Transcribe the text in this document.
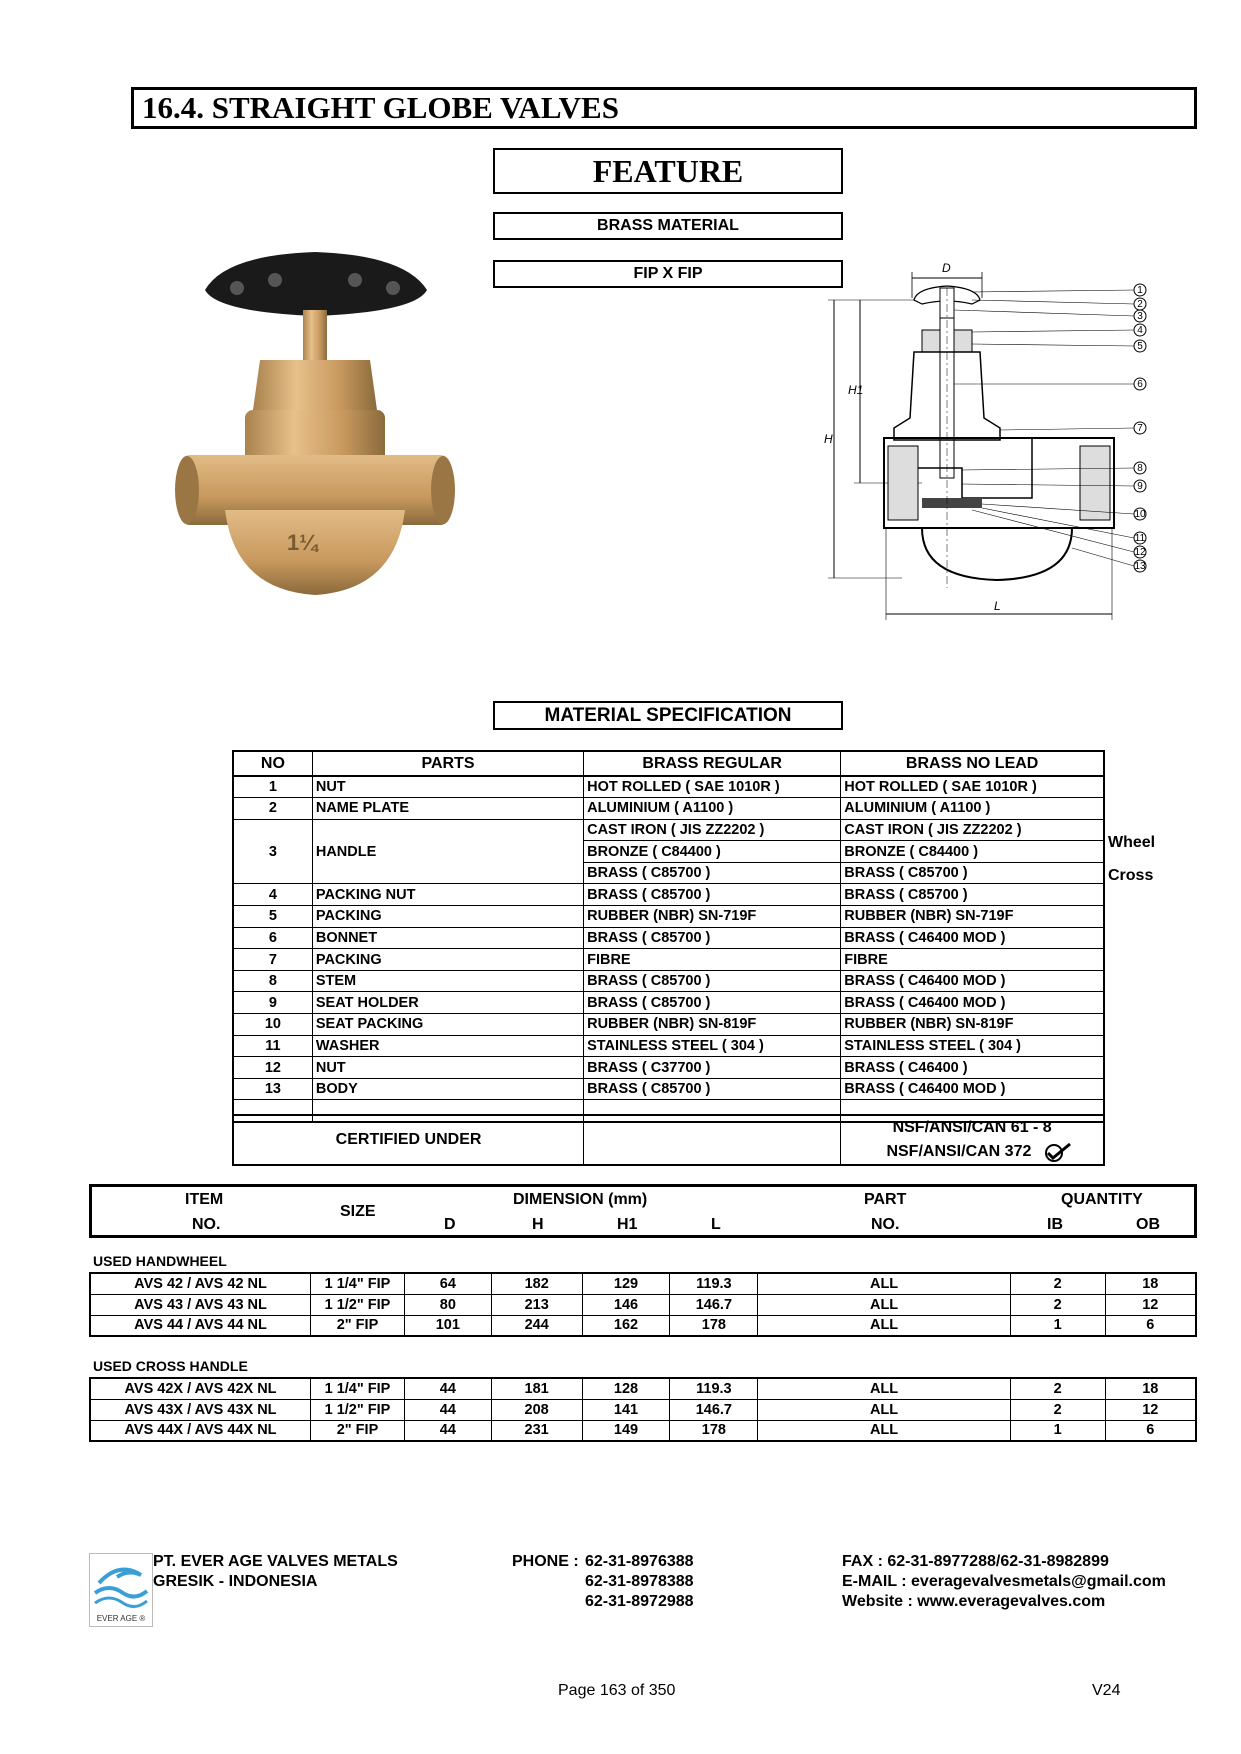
16.4. STRAIGHT GLOBE VALVES
FEATURE
BRASS MATERIAL
FIP X FIP
1¼
D
H
H1
L
1
2
3
4
5
6
7
8
9
10
11
12
13
MATERIAL SPECIFICATION
NO	PARTS	BRASS REGULAR	BRASS NO LEAD
1	NUT	HOT ROLLED ( SAE 1010R )	HOT ROLLED ( SAE 1010R )
2	NAME PLATE	ALUMINIUM ( A1100 )	ALUMINIUM ( A1100 )
3	HANDLE	CAST IRON ( JIS ZZ2202 )	CAST IRON ( JIS ZZ2202 )
		BRONZE ( C84400 )	BRONZE ( C84400 )
		BRASS ( C85700 )	BRASS ( C85700 )
4	PACKING NUT	BRASS ( C85700 )	BRASS ( C85700 )
5	PACKING	RUBBER (NBR) SN-719F	RUBBER (NBR) SN-719F
6	BONNET	BRASS ( C85700 )	BRASS ( C46400 MOD )
7	PACKING	FIBRE	FIBRE
8	STEM	BRASS ( C85700 )	BRASS ( C46400 MOD )
9	SEAT HOLDER	BRASS ( C85700 )	BRASS ( C46400 MOD )
10	SEAT PACKING	RUBBER (NBR) SN-819F	RUBBER (NBR) SN-819F
11	WASHER	STAINLESS STEEL ( 304 )	STAINLESS STEEL ( 304 )
12	NUT	BRASS ( C37700 )	BRASS ( C46400 )
13	BODY	BRASS ( C85700 )	BRASS ( C46400 MOD )

Wheel
Cross
CERTIFIED UNDER		
NSF/ANSI/CAN 61 - 8
NSF/ANSI/CAN 372
ITEM
NO.
SIZE
DIMENSION (mm)
D	H	H1	L
PART
NO.
QUANTITY
IB	OB
USED HANDWHEEL
AVS 42 / AVS 42 NL	1 1/4" FIP	64	182	129	119.3	ALL	2	18
AVS 43 / AVS 43 NL	1 1/2" FIP	80	213	146	146.7	ALL	2	12
AVS 44 / AVS 44 NL	2" FIP	101	244	162	178	ALL	1	6
USED CROSS HANDLE
AVS 42X / AVS 42X NL	1 1/4" FIP	44	181	128	119.3	ALL	2	18
AVS 43X / AVS 43X NL	1 1/2" FIP	44	208	141	146.7	ALL	2	12
AVS 44X / AVS 44X NL	2" FIP	44	231	149	178	ALL	1	6
EVER AGE ®
PT. EVER AGE VALVES METALS
GRESIK - INDONESIA
PHONE : 62-31-8976388
62-31-8978388
62-31-8972988
FAX : 62-31-8977288/62-31-8982899
E-MAIL : everagevalvesmetals@gmail.com
Website : www.everagevalves.com
Page 163 of 350	V24
